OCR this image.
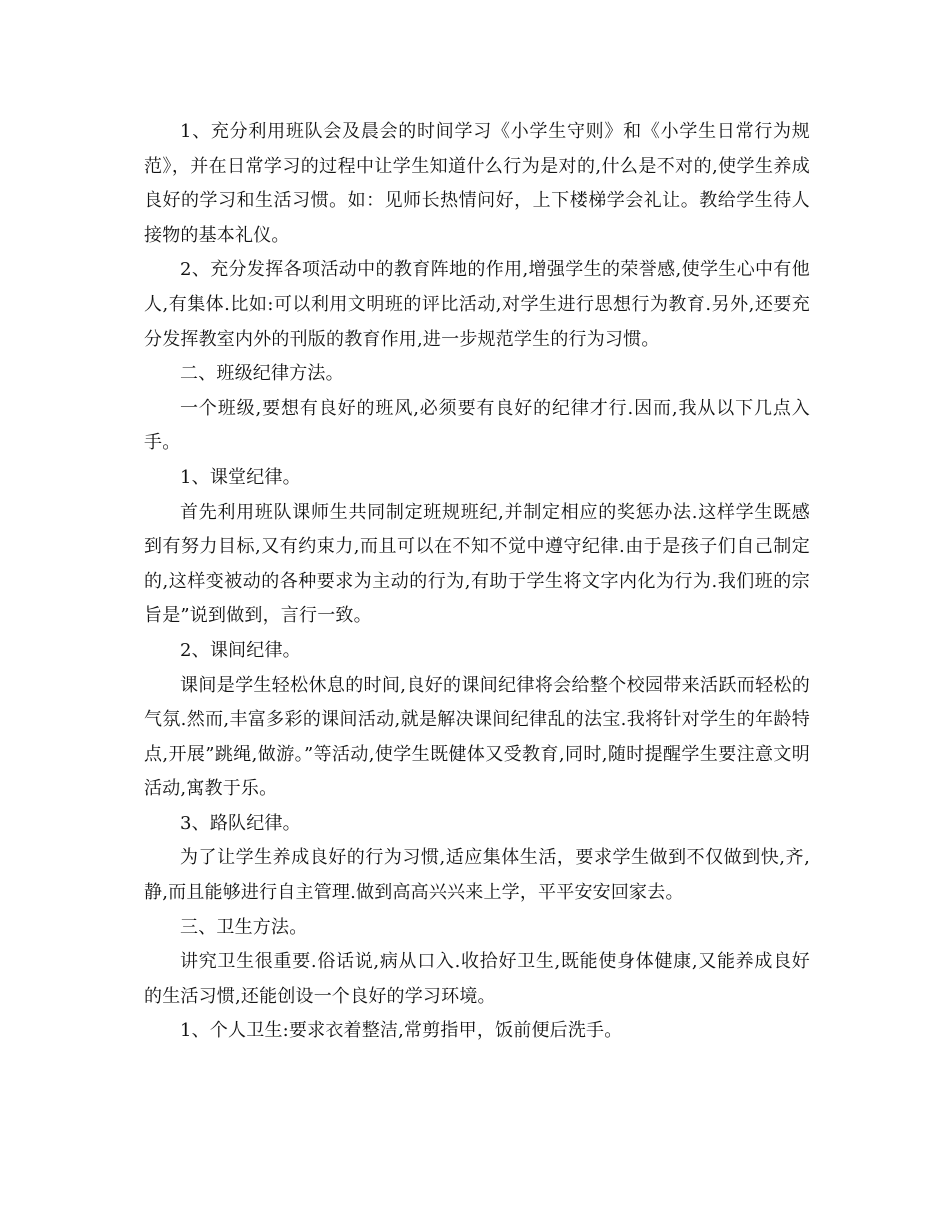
1、充分利用班队会及晨会的时间学习《小学生守则》和《小学生日常行为规范》，并在日常学习的过程中让学生知道什么行为是对的,什么是不对的,使学生养成良好的学习和生活习惯。如：见师长热情问好，上下楼梯学会礼让。教给学生待人接物的基本礼仪。

2、充分发挥各项活动中的教育阵地的作用,增强学生的荣誉感,使学生心中有他人,有集体.比如:可以利用文明班的评比活动,对学生进行思想行为教育.另外,还要充分发挥教室内外的刊版的教育作用,进一步规范学生的行为习惯。

二、班级纪律方法。

一个班级,要想有良好的班风,必须要有良好的纪律才行.因而,我从以下几点入手。

1、课堂纪律。

首先利用班队课师生共同制定班规班纪,并制定相应的奖惩办法.这样学生既感到有努力目标,又有约束力,而且可以在不知不觉中遵守纪律.由于是孩子们自己制定的,这样变被动的各种要求为主动的行为,有助于学生将文字内化为行为.我们班的宗旨是”说到做到，言行一致。

2、课间纪律。

课间是学生轻松休息的时间,良好的课间纪律将会给整个校园带来活跃而轻松的气氛.然而,丰富多彩的课间活动,就是解决课间纪律乱的法宝.我将针对学生的年龄特点,开展”跳绳,做游。”等活动,使学生既健体又受教育,同时,随时提醒学生要注意文明活动,寓教于乐。

3、路队纪律。

为了让学生养成良好的行为习惯,适应集体生活，要求学生做到不仅做到快,齐,静,而且能够进行自主管理.做到高高兴兴来上学，平平安安回家去。

三、卫生方法。

讲究卫生很重要.俗话说,病从口入.收拾好卫生,既能使身体健康,又能养成良好的生活习惯,还能创设一个良好的学习环境。

1、个人卫生:要求衣着整洁,常剪指甲，饭前便后洗手。
